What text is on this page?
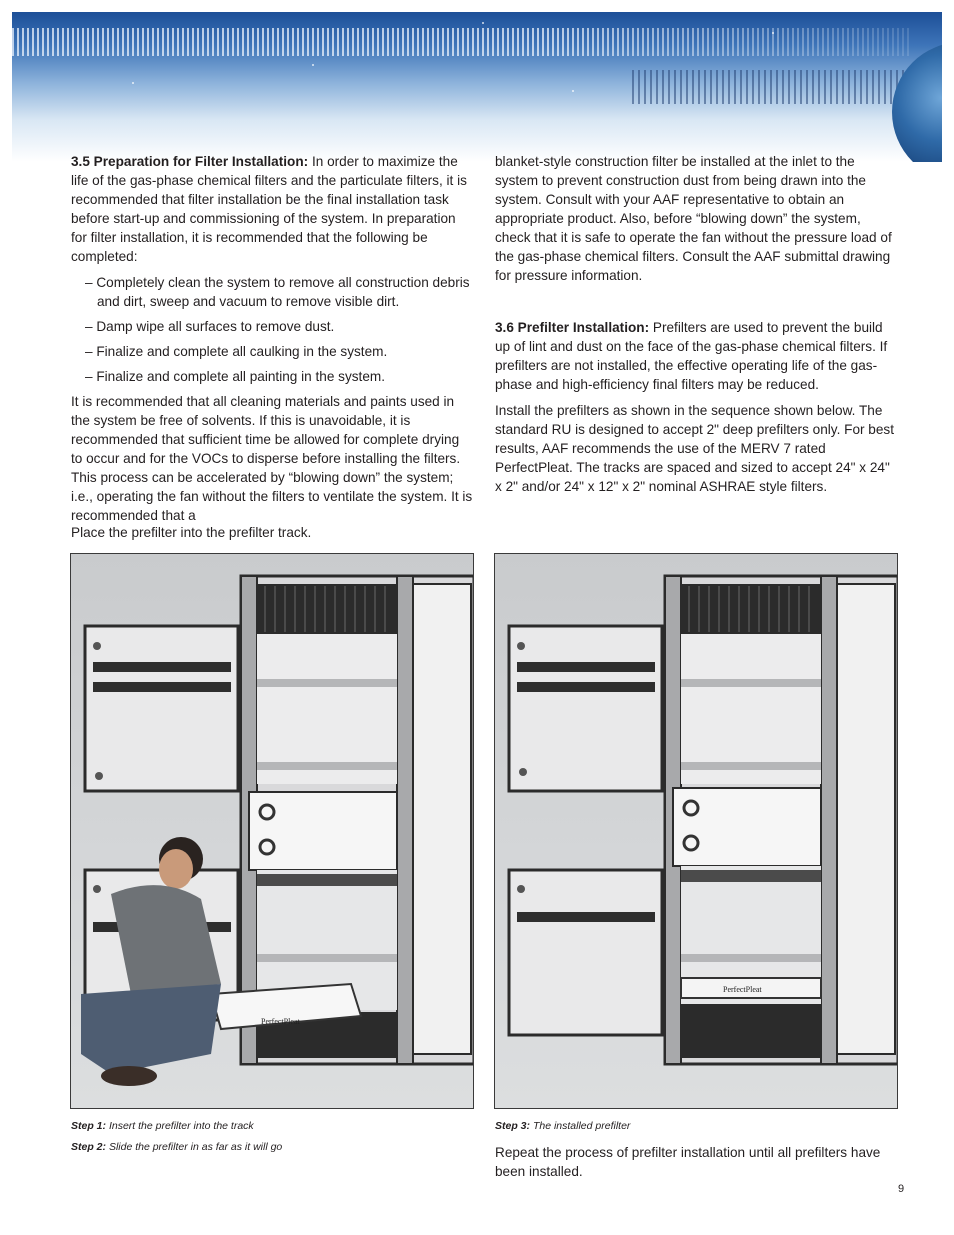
3.5 Preparation for Filter Installation: In order to maximize the life of the gas-phase chemical filters and the particulate filters, it is recommended that filter installation be the final installation task before start-up and commissioning of the system. In preparation for filter installation, it is recommended that the following be completed:

– Completely clean the system to remove all construction debris and dirt, sweep and vacuum to remove visible dirt.
– Damp wipe all surfaces to remove dust.
– Finalize and complete all caulking in the system.
– Finalize and complete all painting in the system.

It is recommended that all cleaning materials and paints used in the system be free of solvents. If this is unavoidable, it is recommended that sufficient time be allowed for complete drying to occur and for the VOCs to disperse before installing the filters. This process can be accelerated by “blowing down” the system; i.e., operating the fan without the filters to ventilate the system. It is recommended that a

blanket-style construction filter be installed at the inlet to the system to prevent construction dust from being drawn into the system. Consult with your AAF representative to obtain an appropriate product. Also, before “blowing down” the system, check that it is safe to operate the fan without the pressure load of the gas-phase chemical filters. Consult the AAF submittal drawing for pressure information.

3.6 Prefilter Installation: Prefilters are used to prevent the build up of lint and dust on the face of the gas-phase chemical filters. If prefilters are not installed, the effective operating life of the gas-phase and high-efficiency final filters may be reduced.

Install the prefilters as shown in the sequence shown below. The standard RU is designed to accept 2" deep prefilters only. For best results, AAF recommends the use of the MERV 7 rated PerfectPleat. The tracks are spaced and sized to accept 24" x 24" x 2" and/or 24" x 12" x 2" nominal ASHRAE style filters.

Place the prefilter into the prefilter track.
PerfectPleat
PerfectPleat
Step 1: Insert the prefilter into the track
Step 2: Slide the prefilter in as far as it will go
Step 3: The installed prefilter
Repeat the process of prefilter installation until all prefilters have been installed.
9
